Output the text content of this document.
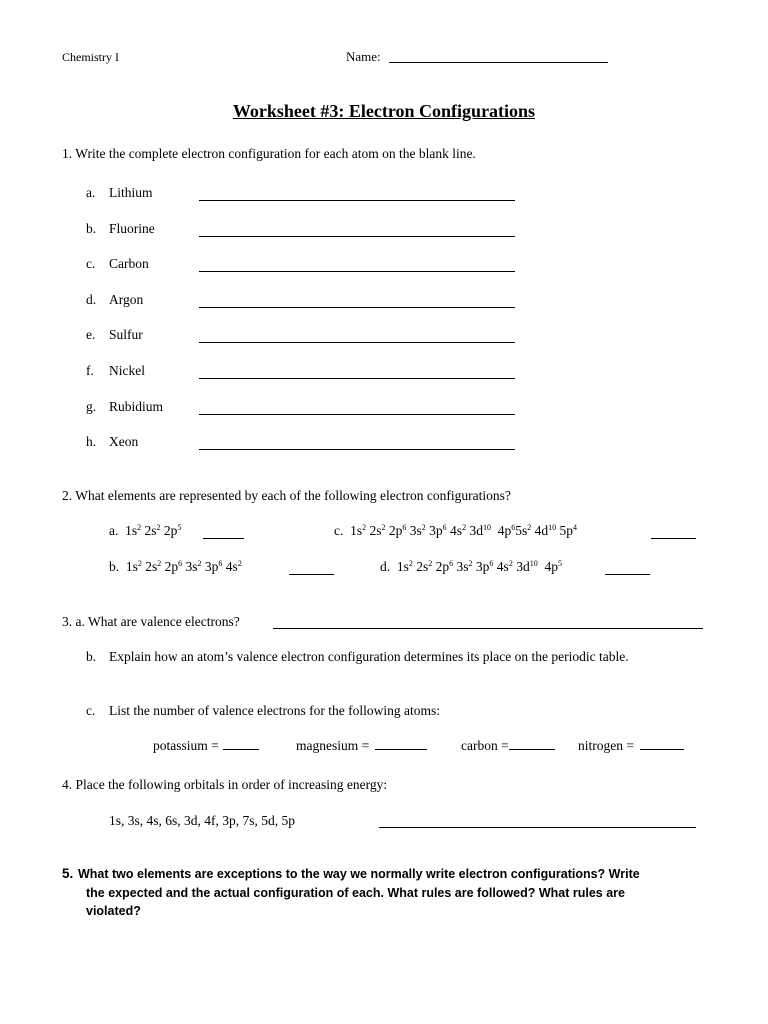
Chemistry I	Name:
Worksheet #3: Electron Configurations
1. Write the complete electron configuration for each atom on the blank line.
a. Lithium
b. Fluorine
c. Carbon
d. Argon
e. Sulfur
f. Nickel
g. Rubidium
h. Xeon
2. What elements are represented by each of the following electron configurations?
a. $1s^2$ $2s^2$ $2p^5$	c. $1s^2$ $2s^2$ $2p^6$ $3s^2$ $3p^6$ $4s^2$ $3d^{10}$  $4p^65s^2$ $4d^{10}$ $5p^4$
b. $1s^2$ $2s^2$ $2p^6$ $3s^2$ $3p^6$ $4s^2$	d. $1s^2$ $2s^2$ $2p^6$ $3s^2$ $3p^6$ $4s^2$ $3d^{10}$  $4p^5$
3. a. What are valence electrons?
b. Explain how an atom’s valence electron configuration determines its place on the periodic table.
c. List the number of valence electrons for the following atoms:
potassium =	magnesium =	carbon =	nitrogen =
4. Place the following orbitals in order of increasing energy:
1s, 3s, 4s, 6s, 3d, 4f, 3p, 7s, 5d, 5p
5. What two elements are exceptions to the way we normally write electron configurations? Write
the expected and the actual configuration of each. What rules are followed? What rules are
violated?
